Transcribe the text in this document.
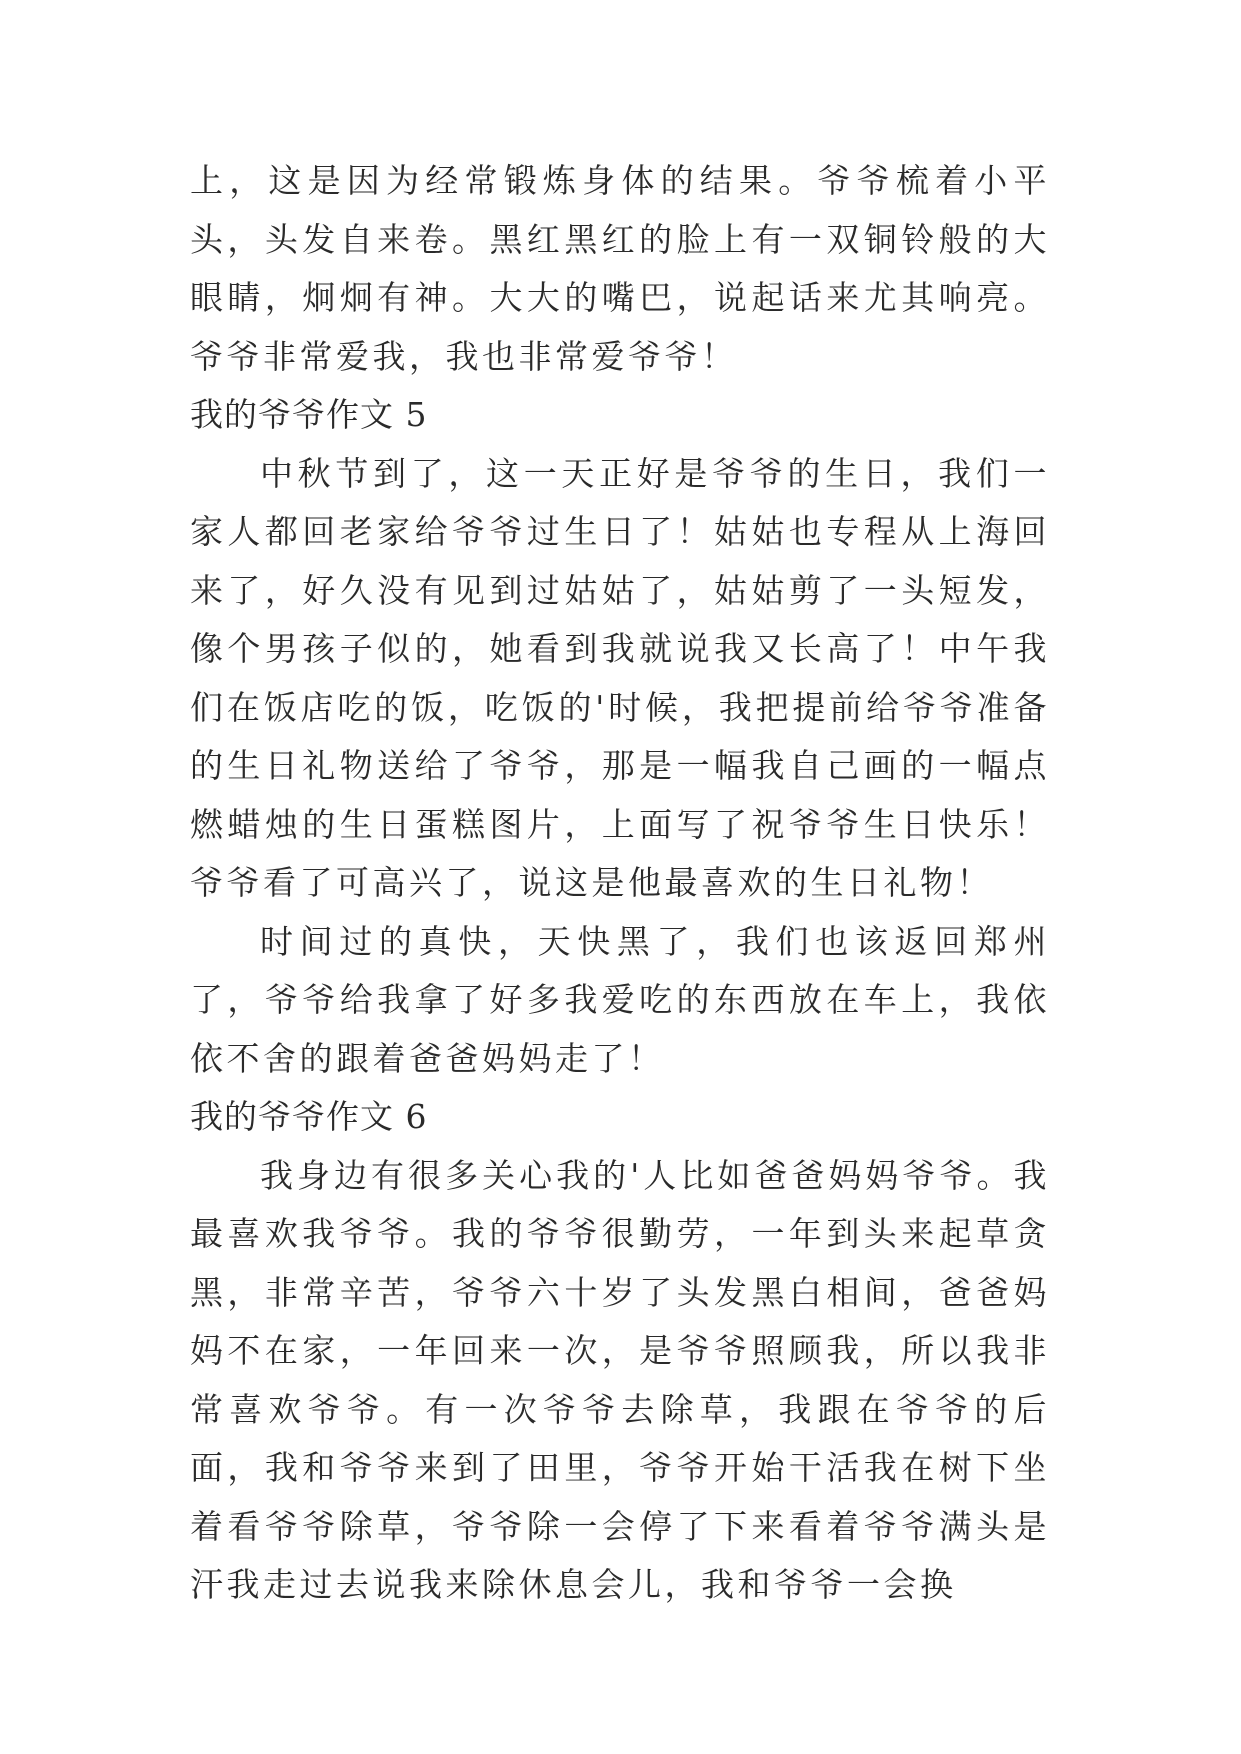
上，这是因为经常锻炼身体的结果。爷爷梳着小平头，头发自来卷。黑红黑红的脸上有一双铜铃般的大眼睛，炯炯有神。大大的嘴巴，说起话来尤其响亮。爷爷非常爱我，我也非常爱爷爷！

我的爷爷作文 5

中秋节到了，这一天正好是爷爷的生日，我们一家人都回老家给爷爷过生日了！姑姑也专程从上海回来了，好久没有见到过姑姑了，姑姑剪了一头短发，像个男孩子似的，她看到我就说我又长高了！中午我们在饭店吃的饭，吃饭的'时候，我把提前给爷爷准备的生日礼物送给了爷爷，那是一幅我自己画的一幅点燃蜡烛的生日蛋糕图片，上面写了祝爷爷生日快乐！爷爷看了可高兴了，说这是他最喜欢的生日礼物！

时间过的真快，天快黑了，我们也该返回郑州了，爷爷给我拿了好多我爱吃的东西放在车上，我依依不舍的跟着爸爸妈妈走了！

我的爷爷作文 6

我身边有很多关心我的'人比如爸爸妈妈爷爷。我最喜欢我爷爷。我的爷爷很勤劳，一年到头来起草贪黑，非常辛苦，爷爷六十岁了头发黑白相间，爸爸妈妈不在家，一年回来一次，是爷爷照顾我，所以我非常喜欢爷爷。有一次爷爷去除草，我跟在爷爷的后面，我和爷爷来到了田里，爷爷开始干活我在树下坐着看爷爷除草，爷爷除一会停了下来看着爷爷满头是汗我走过去说我来除休息会儿，我和爷爷一会换
